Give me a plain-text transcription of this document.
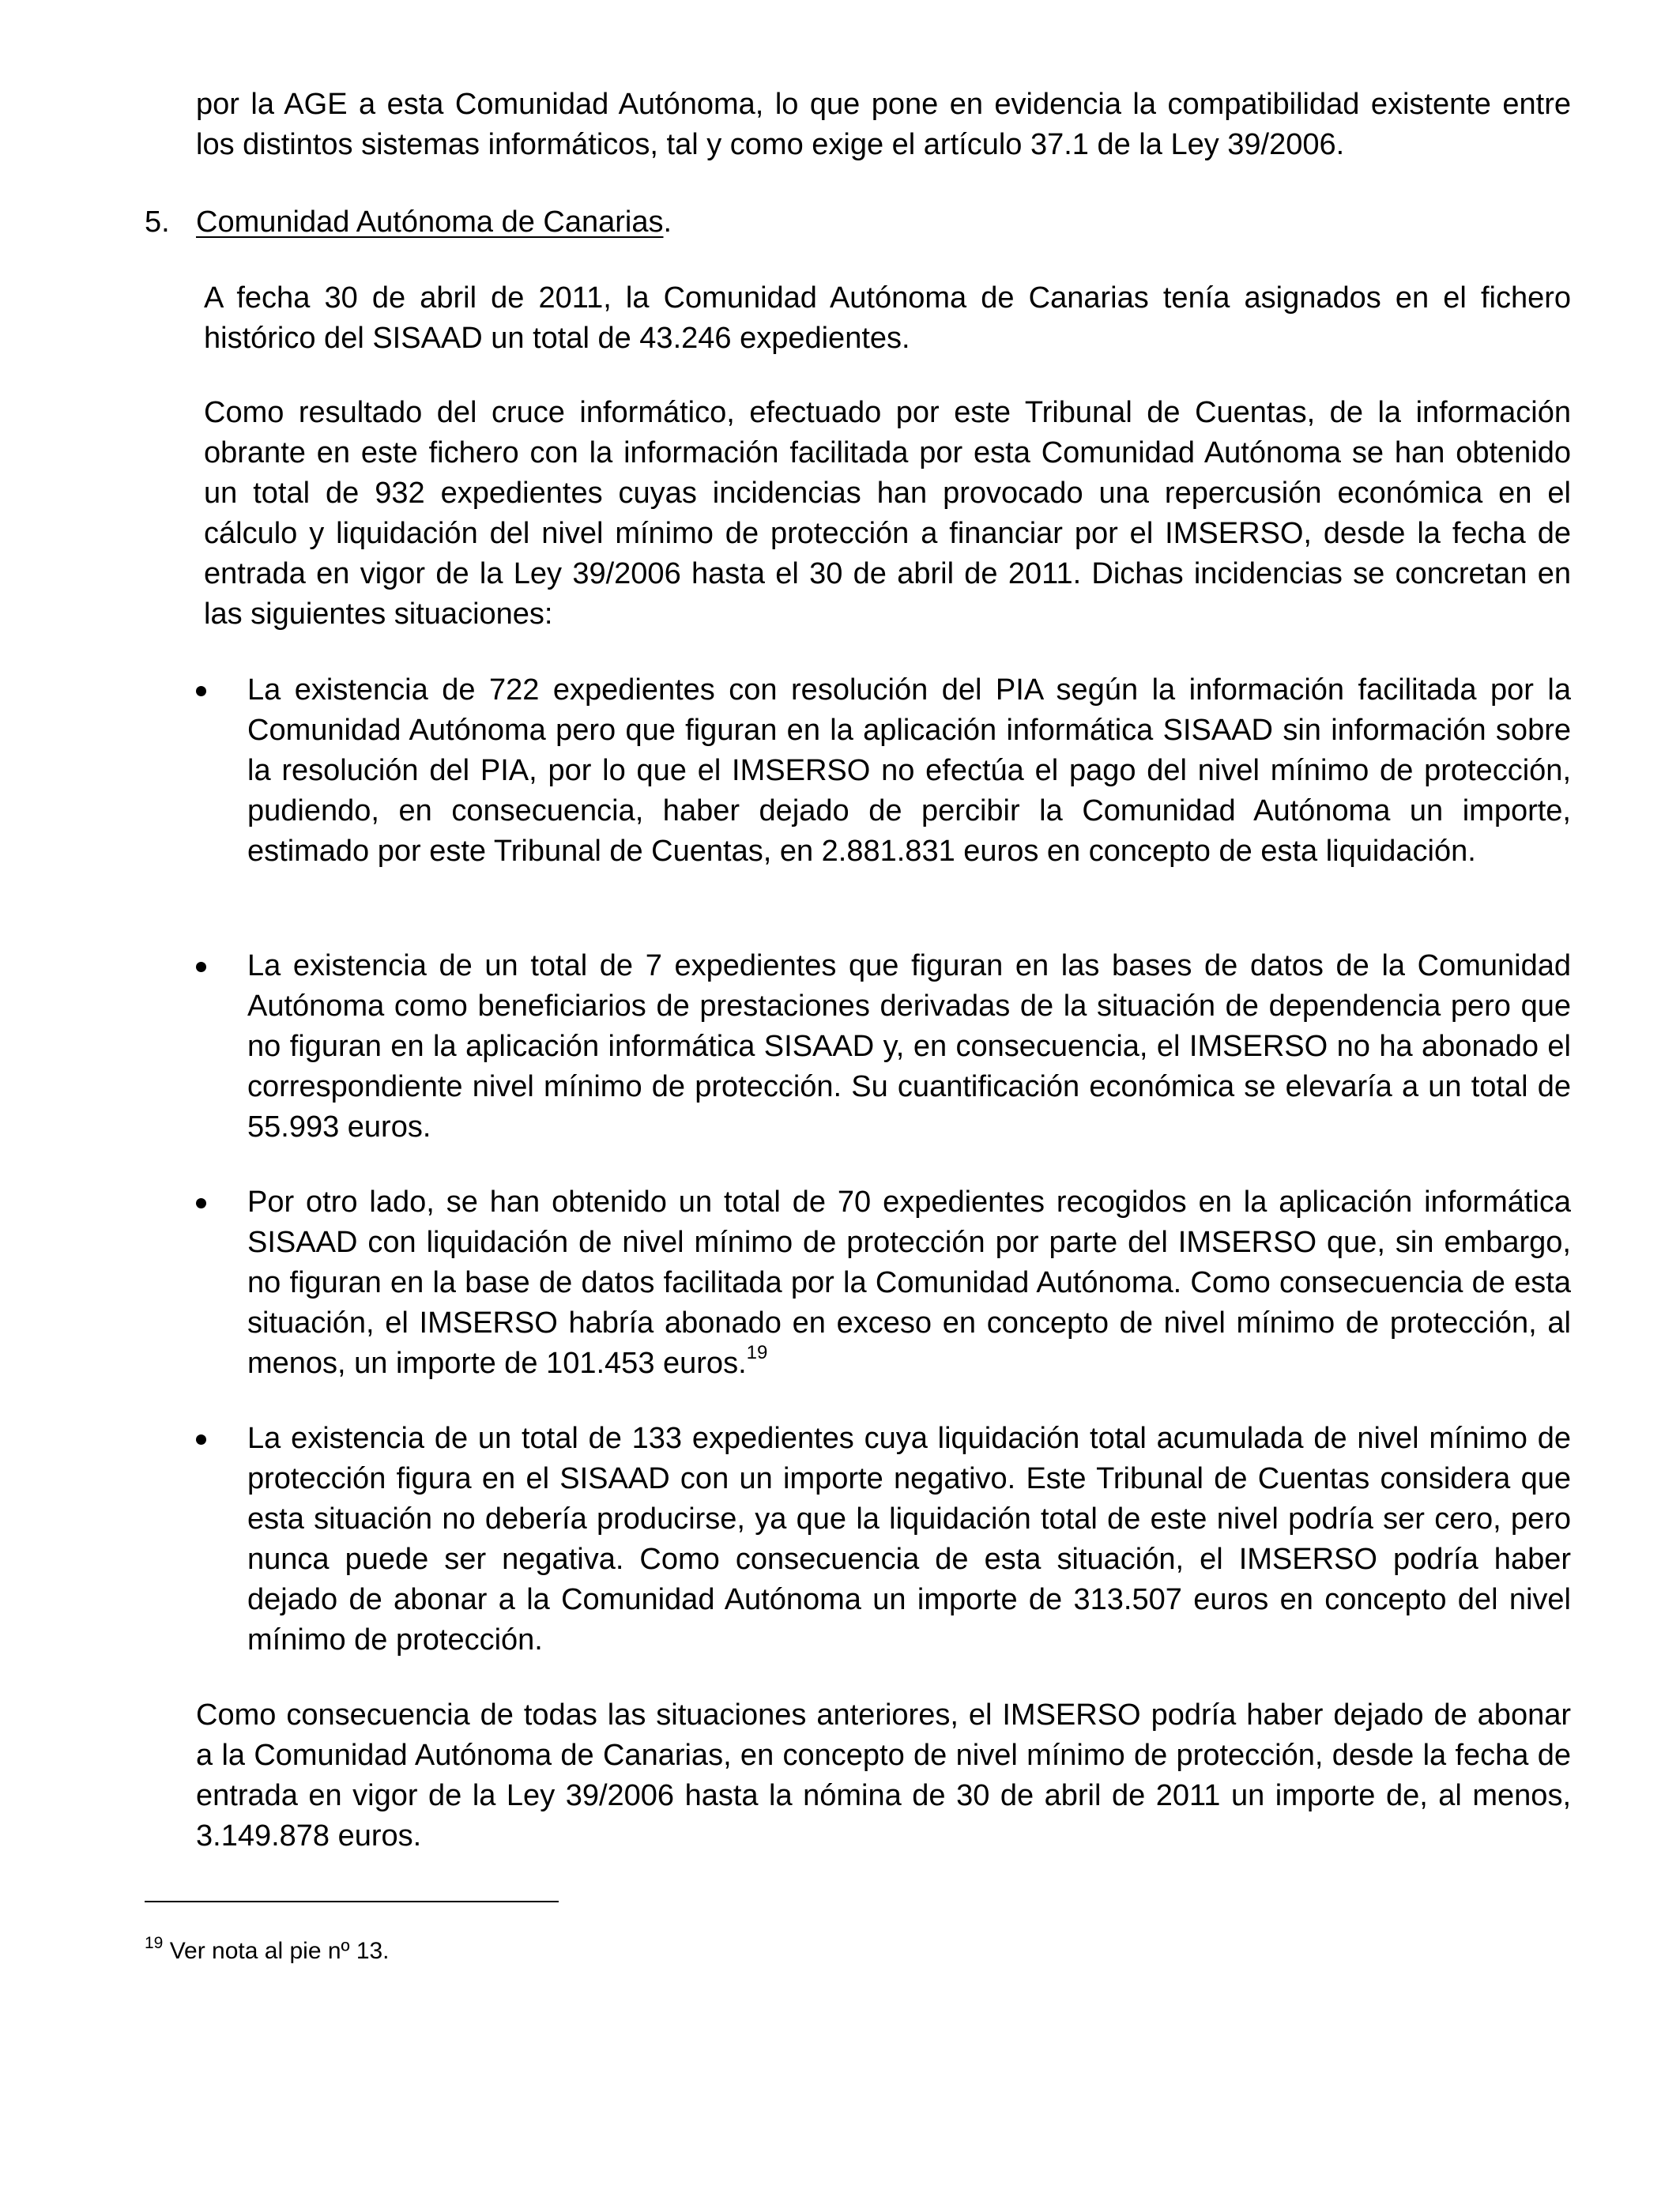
por la AGE a esta Comunidad Autónoma, lo que pone en evidencia la compatibilidad existente entre los distintos sistemas informáticos, tal y como exige el artículo 37.1 de la Ley 39/2006.

5. Comunidad Autónoma de Canarias.

A fecha 30 de abril de 2011, la Comunidad Autónoma de Canarias tenía asignados en el fichero histórico del SISAAD un total de 43.246 expedientes.

Como resultado del cruce informático, efectuado por este Tribunal de Cuentas, de la información obrante en este fichero con la información facilitada por esta Comunidad Autónoma se han obtenido un total de 932 expedientes cuyas incidencias han provocado una repercusión económica en el cálculo y liquidación del nivel mínimo de protección a financiar por el IMSERSO, desde la fecha de entrada en vigor de la Ley 39/2006 hasta el 30 de abril de 2011. Dichas incidencias se concretan en las siguientes situaciones:

La existencia de 722 expedientes con resolución del PIA según la información facilitada por la Comunidad Autónoma pero que figuran en la aplicación informática SISAAD sin información sobre la resolución del PIA, por lo que el IMSERSO no efectúa el pago del nivel mínimo de protección, pudiendo, en consecuencia, haber dejado de percibir la Comunidad Autónoma un importe, estimado por este Tribunal de Cuentas, en 2.881.831 euros en concepto de esta liquidación.

La existencia de un total de 7 expedientes que figuran en las bases de datos de la Comunidad Autónoma como beneficiarios de prestaciones derivadas de la situación de dependencia pero que no figuran en la aplicación informática SISAAD y, en consecuencia, el IMSERSO no ha abonado el correspondiente nivel mínimo de protección. Su cuantificación económica se elevaría a un total de 55.993 euros.

Por otro lado, se han obtenido un total de 70 expedientes recogidos en la aplicación informática SISAAD con liquidación de nivel mínimo de protección por parte del IMSERSO que, sin embargo, no figuran en la base de datos facilitada por la Comunidad Autónoma. Como consecuencia de esta situación, el IMSERSO habría abonado en exceso en concepto de nivel mínimo de protección, al menos, un importe de 101.453 euros.$^{19}$

La existencia de un total de 133 expedientes cuya liquidación total acumulada de nivel mínimo de protección figura en el SISAAD con un importe negativo. Este Tribunal de Cuentas considera que esta situación no debería producirse, ya que la liquidación total de este nivel podría ser cero, pero nunca puede ser negativa. Como consecuencia de esta situación, el IMSERSO podría haber dejado de abonar a la Comunidad Autónoma un importe de 313.507 euros en concepto del nivel mínimo de protección.

Como consecuencia de todas las situaciones anteriores, el IMSERSO podría haber dejado de abonar a la Comunidad Autónoma de Canarias, en concepto de nivel mínimo de protección, desde la fecha de entrada en vigor de la Ley 39/2006 hasta la nómina de 30 de abril de 2011 un importe de, al menos, 3.149.878 euros.

$^{19}$ Ver nota al pie nº 13.
